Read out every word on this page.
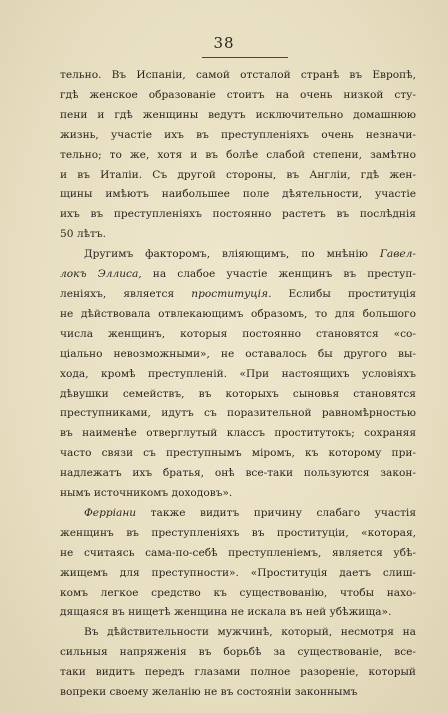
38
тельно. Въ Испаніи, самой отсталой странѣ въ Европѣ,
гдѣ женское образованіе стоитъ на очень низкой сту-
пени и гдѣ женщины ведутъ исключительно домашнюю
жизнь, участіе ихъ въ преступленіяхъ очень незначи-
тельно; то же, хотя и въ болѣе слабой степени, замѣтно
и въ Италіи. Съ другой стороны, въ Англіи, гдѣ жен-
щины имѣютъ наибольшее поле дѣятельности, участіе
ихъ въ преступленіяхъ постоянно растетъ въ послѣднія
50 лѣтъ.
Другимъ факторомъ, вліяющимъ, по мнѣнію Гавел-
локъ Эллиса, на слабое участіе женщинъ въ преступ-
леніяхъ, является проституція. Еслибы проституція
не дѣйствовала отвлекающимъ образомъ, то для большого
числа женщинъ, которыя постоянно становятся «со-
ціально невозможными», не оставалось бы другого вы-
хода, кромѣ преступленій. «При настоящихъ условіяхъ
дѣвушки семействъ, въ которыхъ сыновья становятся
преступниками, идутъ съ поразительной равномѣрностью
въ наименѣе отверглутый классъ проститутокъ; сохраняя
часто связи съ преступнымъ міромъ, къ которому при-
надлежатъ ихъ братья, онѣ все-таки пользуются закон-
нымъ источникомъ доходовъ».
Ферріани также видитъ причину слабаго участія
женщинъ въ преступленіяхъ въ проституціи, «которая,
не считаясь сама-по-себѣ преступленіемъ, является убѣ-
жищемъ для преступности». «Проституція даетъ слиш-
комъ легкое средство къ существованію, чтобы нахо-
дящаяся въ нищетѣ женщина не искала въ ней убѣжища».
Въ дѣйствительности мужчинѣ, который, несмотря на
сильныя напряженія въ борьбѣ за существованіе, все-
таки видитъ передъ глазами полное разореніе, который
вопреки своему желанію не въ состояніи законнымъ
